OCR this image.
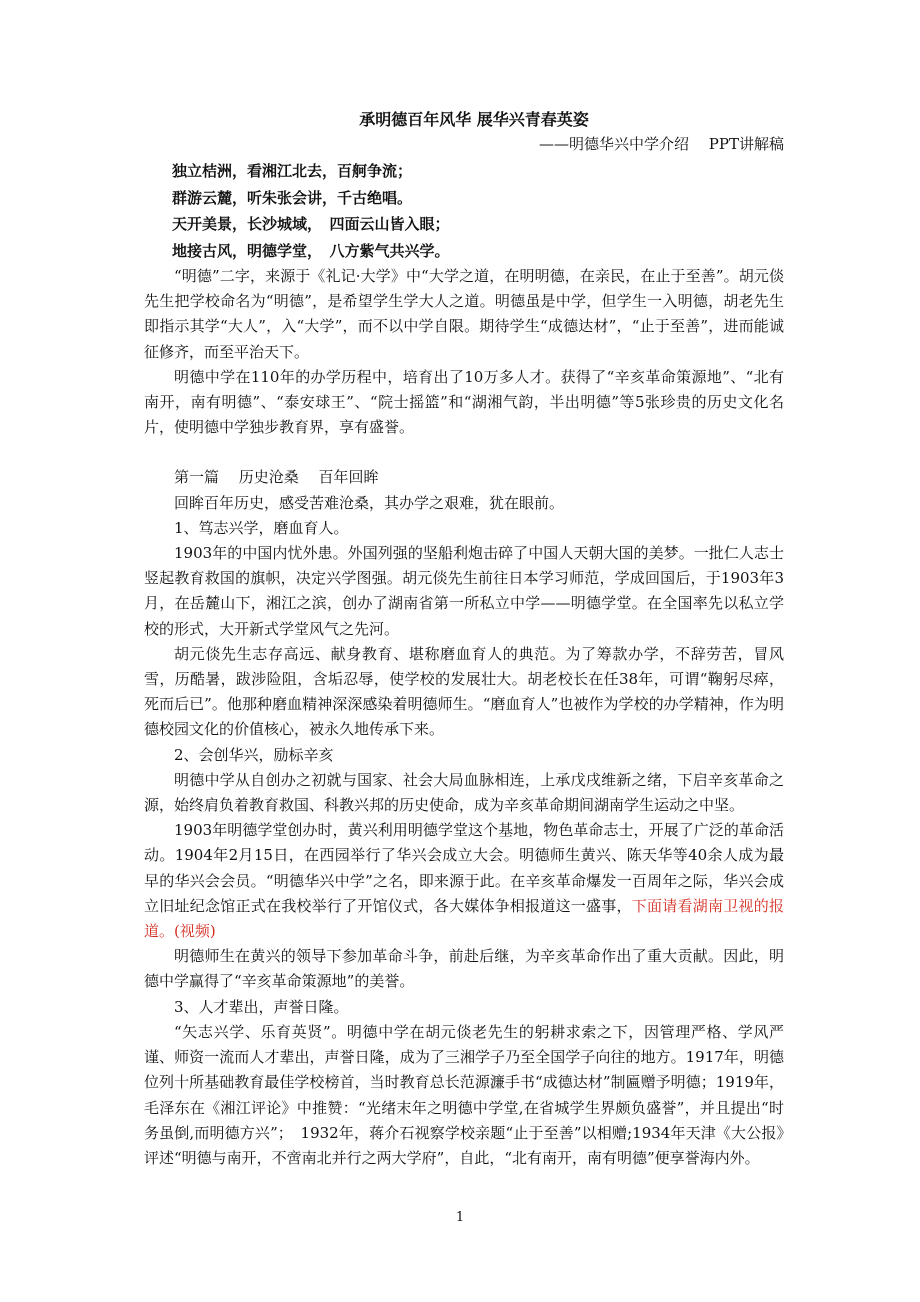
承明德百年风华 展华兴青春英姿

——明德华兴中学介绍　 PPT讲解稿

独立桔洲，看湘江北去，百舸争流；

群游云麓，听朱张会讲，千古绝唱。

天开美景，长沙城域，　四面云山皆入眼；

地接古风，明德学堂，　八方紫气共兴学。

“明德”二字，来源于《礼记·大学》中“大学之道，在明明德，在亲民，在止于至善”。胡元倓先生把学校命名为“明德”，是希望学生学大人之道。明德虽是中学，但学生一入明德，胡老先生即指示其学“大人”，入“大学”，而不以中学自限。期待学生“成德达材”，“止于至善”，进而能诚征修齐，而至平治天下。

明德中学在110年的办学历程中，培育出了10万多人才。获得了“辛亥革命策源地”、“北有南开，南有明德”、“泰安球王”、“院士摇篮”和“湖湘气韵，半出明德”等5张珍贵的历史文化名片，使明德中学独步教育界，享有盛誉。

第一篇　 历史沧桑　 百年回眸

回眸百年历史，感受苦难沧桑，其办学之艰难，犹在眼前。

1、笃志兴学，磨血育人。

1903年的中国内忧外患。外国列强的坚船利炮击碎了中国人天朝大国的美梦。一批仁人志士竖起教育救国的旗帜，决定兴学图强。胡元倓先生前往日本学习师范，学成回国后，于1903年3月，在岳麓山下，湘江之滨，创办了湖南省第一所私立中学——明德学堂。在全国率先以私立学校的形式，大开新式学堂风气之先河。

胡元倓先生志存高远、献身教育、堪称磨血育人的典范。为了筹款办学，不辞劳苦，冒风雪，历酷暑，跋涉险阻，含垢忍辱，使学校的发展壮大。胡老校长在任38年，可谓“鞠躬尽瘁，死而后已”。他那种磨血精神深深感染着明德师生。“磨血育人”也被作为学校的办学精神，作为明德校园文化的价值核心，被永久地传承下来。

2、会创华兴，励标辛亥

明德中学从自创办之初就与国家、社会大局血脉相连，上承戊戌维新之绪，下启辛亥革命之源，始终肩负着教育救国、科教兴邦的历史使命，成为辛亥革命期间湖南学生运动之中坚。

1903年明德学堂创办时，黄兴利用明德学堂这个基地，物色革命志士，开展了广泛的革命活动。1904年2月15日，在西园举行了华兴会成立大会。明德师生黄兴、陈天华等40余人成为最早的华兴会会员。“明德华兴中学”之名，即来源于此。在辛亥革命爆发一百周年之际，华兴会成立旧址纪念馆正式在我校举行了开馆仪式，各大媒体争相报道这一盛事，下面请看湖南卫视的报道。(视频)

明德师生在黄兴的领导下参加革命斗争，前赴后继，为辛亥革命作出了重大贡献。因此，明德中学赢得了“辛亥革命策源地”的美誉。

3、人才辈出，声誉日隆。

“矢志兴学、乐育英贤”。明德中学在胡元倓老先生的躬耕求索之下，因管理严格、学风严谨、师资一流而人才辈出，声誉日隆，成为了三湘学子乃至全国学子向往的地方。1917年，明德位列十所基础教育最佳学校榜首，当时教育总长范源濂手书“成德达材”制匾赠予明德；1919年，毛泽东在《湘江评论》中推赞：“光绪末年之明德中学堂,在省城学生界颇负盛誉”，并且提出“时务虽倒,而明德方兴”；　1932年，蒋介石视察学校亲题“止于至善”以相赠;1934年天津《大公报》评述“明德与南开，不啻南北并行之两大学府”，自此，“北有南开，南有明德”便享誉海内外。

1
